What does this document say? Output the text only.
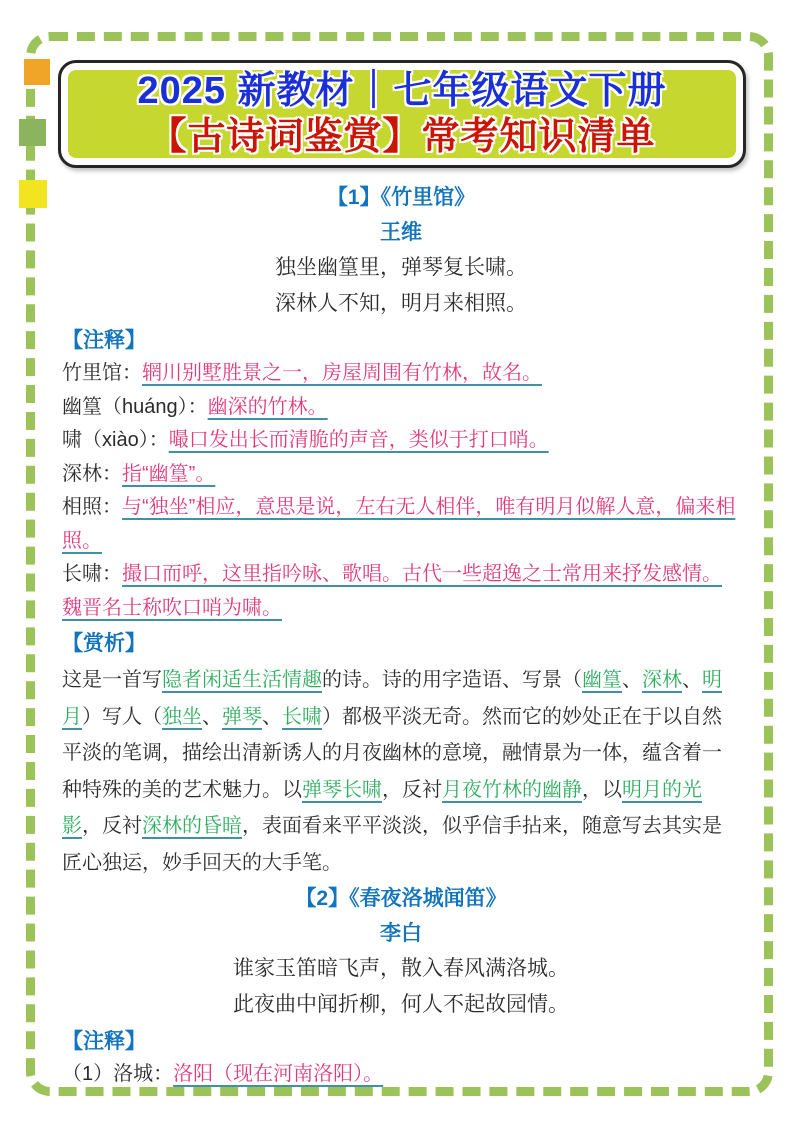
2025 新教材｜七年级语文下册
【古诗词鉴赏】常考知识清单
【1】《竹里馆》
王维

独坐幽篁里，弹琴复长啸。

深林人不知，明月来相照。

【注释】

竹里馆：辋川别墅胜景之一，房屋周围有竹林，故名。

幽篁（huáng）：幽深的竹林。

啸（xiào）：嘬口发出长而清脆的声音，类似于打口哨。

深林：指“幽篁”。

相照：与“独坐”相应，意思是说，左右无人相伴，唯有明月似解人意，偏来相照。

长啸：撮口而呼，这里指吟咏、歌唱。古代一些超逸之士常用来抒发感情。魏晋名士称吹口哨为啸。

【赏析】

这是一首写隐者闲适生活情趣的诗。诗的用字造语、写景（幽篁、深林、明月）写人（独坐、弹琴、长啸）都极平淡无奇。然而它的妙处正在于以自然平淡的笔调，描绘出清新诱人的月夜幽林的意境，融情景为一体，蕴含着一种特殊的美的艺术魅力。以弹琴长啸，反衬月夜竹林的幽静，以明月的光影，反衬深林的昏暗，表面看来平平淡淡，似乎信手拈来，随意写去其实是匠心独运，妙手回天的大手笔。

【2】《春夜洛城闻笛》
李白

谁家玉笛暗飞声，散入春风满洛城。

此夜曲中闻折柳，何人不起故园情。

【注释】

（1）洛城：洛阳（现在河南洛阳）。
